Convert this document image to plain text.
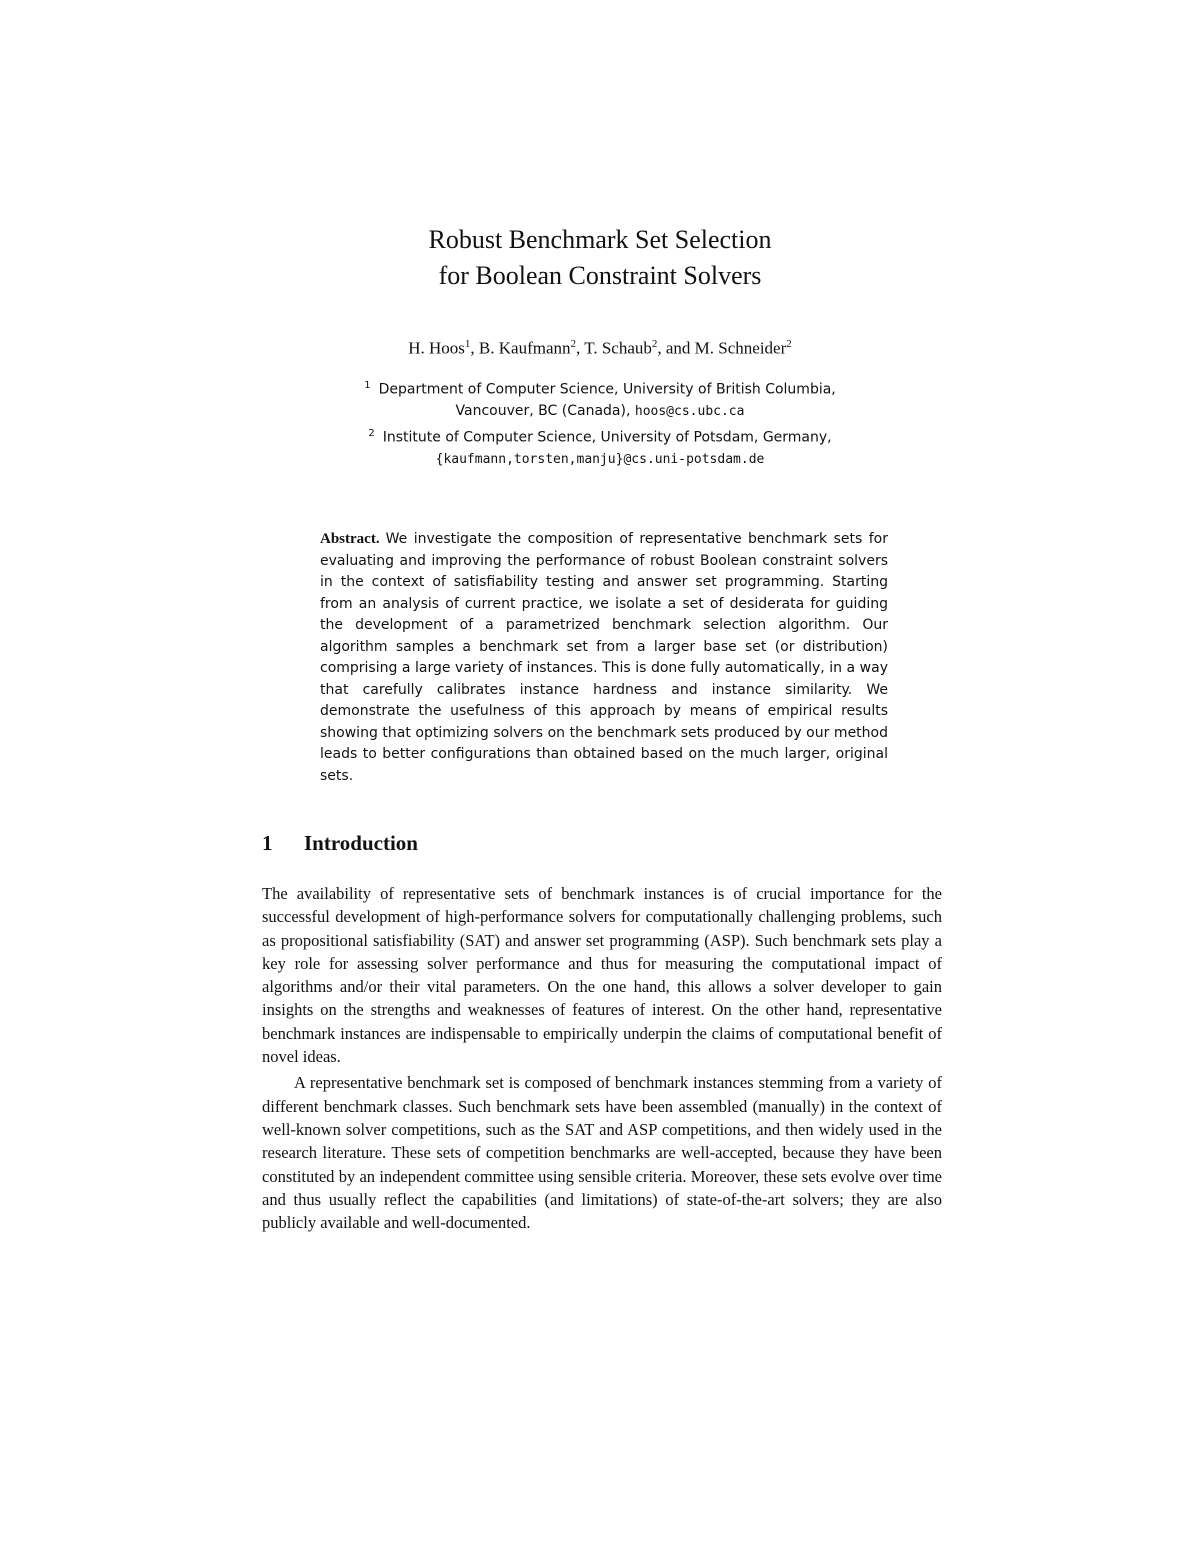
Robust Benchmark Set Selection
for Boolean Constraint Solvers
H. Hoos$^1$, B. Kaufmann$^2$, T. Schaub$^2$, and M. Schneider$^2$
$^1$ Department of Computer Science, University of British Columbia,
Vancouver, BC (Canada), hoos@cs.ubc.ca
$^2$ Institute of Computer Science, University of Potsdam, Germany,
{kaufmann,torsten,manju}@cs.uni-potsdam.de
Abstract. We investigate the composition of representative benchmark sets for evaluating and improving the performance of robust Boolean constraint solvers in the context of satisfiability testing and answer set programming. Starting from an analysis of current practice, we isolate a set of desiderata for guiding the development of a parametrized benchmark selection algorithm. Our algorithm samples a benchmark set from a larger base set (or distribution) comprising a large variety of instances. This is done fully automatically, in a way that carefully calibrates instance hardness and instance similarity. We demonstrate the usefulness of this approach by means of empirical results showing that optimizing solvers on the benchmark sets produced by our method leads to better configurations than obtained based on the much larger, original sets.
1 Introduction

The availability of representative sets of benchmark instances is of crucial importance for the successful development of high-performance solvers for computationally challenging problems, such as propositional satisfiability (SAT) and answer set programming (ASP). Such benchmark sets play a key role for assessing solver performance and thus for measuring the computational impact of algorithms and/or their vital parameters. On the one hand, this allows a solver developer to gain insights on the strengths and weaknesses of features of interest. On the other hand, representative benchmark instances are indispensable to empirically underpin the claims of computational benefit of novel ideas.

A representative benchmark set is composed of benchmark instances stemming from a variety of different benchmark classes. Such benchmark sets have been assembled (manually) in the context of well-known solver competitions, such as the SAT and ASP competitions, and then widely used in the research literature. These sets of competition benchmarks are well-accepted, because they have been constituted by an independent committee using sensible criteria. Moreover, these sets evolve over time and thus usually reflect the capabilities (and limitations) of state-of-the-art solvers; they are also publicly available and well-documented.
